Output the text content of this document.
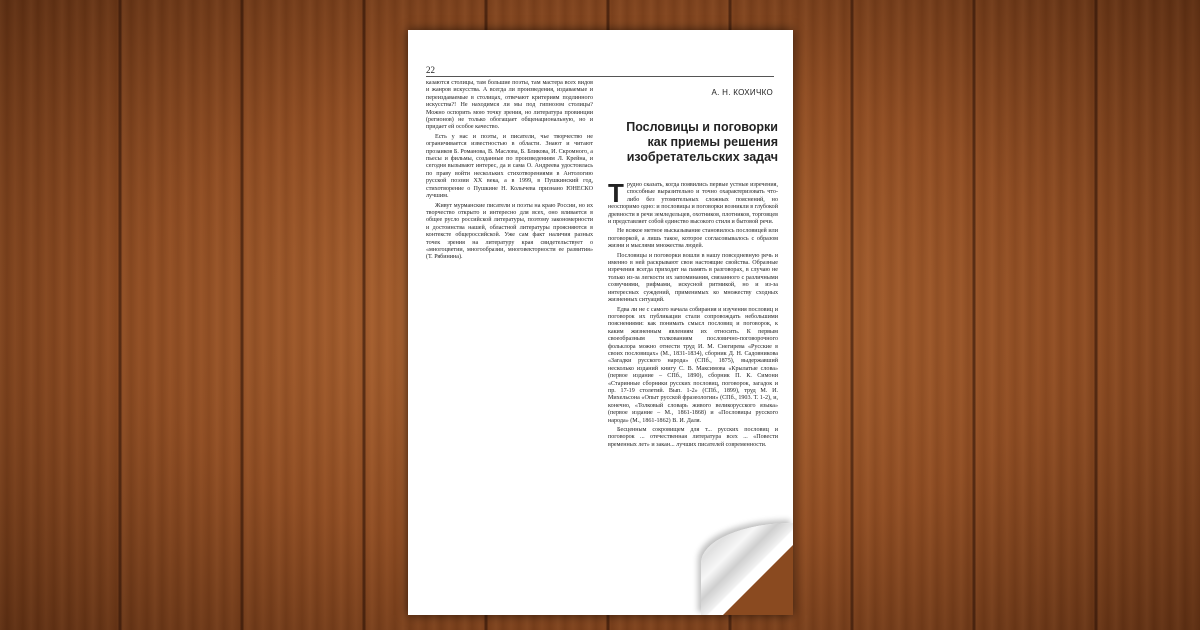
22

казаются столицы, там большие поэты, там мастера всех видов и жанров искусства. А всегда ли произведения, издаваемые и переиздаваемые в столицах, отвечают критериям подлинного искусства?! Не находимся ли мы под гипнозом столицы? Можно оспорить мою точку зрения, но литература провинции (регионов) не только обогащает общенациональную, но и придает ей особое качество.

Есть у нас и поэты, и писатели, чье творчество не ограничивается известностью в области. Знают и читают прозаиков Б. Романова, В. Маслова, Б. Бликова, И. Скромного, а пьесы и фильмы, созданные по произведениям Л. Крейна, и сегодня вызывают интерес, да и сама О. Андреева удостоилась по праву войти нескольких стихотворениями в Антологию русской поэзии XX века, а в 1999, в Пушкинский год, стихотворение о Пушкине Н. Колычева признано ЮНЕСКО лучшим.

Живут мурманские писатели и поэты на краю России, но их творчество открыто и интересно для всех, оно вливается в общее русло российской литературы, поэтому закономерности и достоинства нашей, областной литературы проясняются в контексте общероссийской. Уже сам факт наличия разных точек зрения на литературу края свидетельствует о «многоцветии, многообразии, многовекторности ее развития» (Т. Рябинина).

А. Н. КОХИЧКО
Пословицы и поговорки как приемы решения изобретательских задач

Трудно сказать, когда появились первые устные изречения, способные выразительно и точно охарактеризовать что-либо без утомительных сложных пояснений, но неоспоримо одно: и пословицы и поговорки возникли в глубокой древности в речи земледельцев, охотников, плотников, торговцев и представляет собой единство высокого стиля и бытовой речи.

Не всякое метное высказывание становилось пословицей или поговоркой, а лишь такое, которое согласовывалось с образом жизни и мыслями множества людей.

Пословицы и поговорки вошли в нашу повседневную речь и именно в ней раскрывают свои настоящие свойства. Образные изречения всегда приходят на память в разговорах, в случаю не только из-за легкости их запоминания, связанного с различными созвучиями, рифмами, искусной ритмикой, но и из-за интересных суждений, применимых ко множеству сходных жизненных ситуаций.

Едва ли не с самого начала собирания и изучения пословиц и поговорок их публикации стали сопровождать небольшими пояснениями: как понимать смысл пословиц и поговорок, к каким жизненным явлениям их относить. К первым своеобразным толкованиям пословично-поговорочного фольклора можно отнести труд И. М. Снегирева «Русские в своих пословицах» (М., 1831-1834), сборник Д. Н. Садовникова «Загадки русского народа» (СПб., 1875), выдержавший несколько изданий книгу С. В. Максимова «Крылатые слова» (первое издание – СПб., 1890), сборник П. К. Симони «Старинные сборники русских пословиц, поговорок, загадок и пр. 17-19 столетий. Вып. 1-2» (СПб., 1899), труд М. И. Михельсона «Опыт русской фразеологии» (СПб., 1903. Т. 1-2), и, конечно, «Толковый словарь живого великорусского языка» (первое издание – М., 1861-1868) и «Пословицы русского народа» (М., 1861-1862) В. И. Даля.

Бесценным сокровищем для т... русских пословиц и поговорок ... отечественная литература всех ... «Повести временных лет» и закан... лучших писателей современности.
